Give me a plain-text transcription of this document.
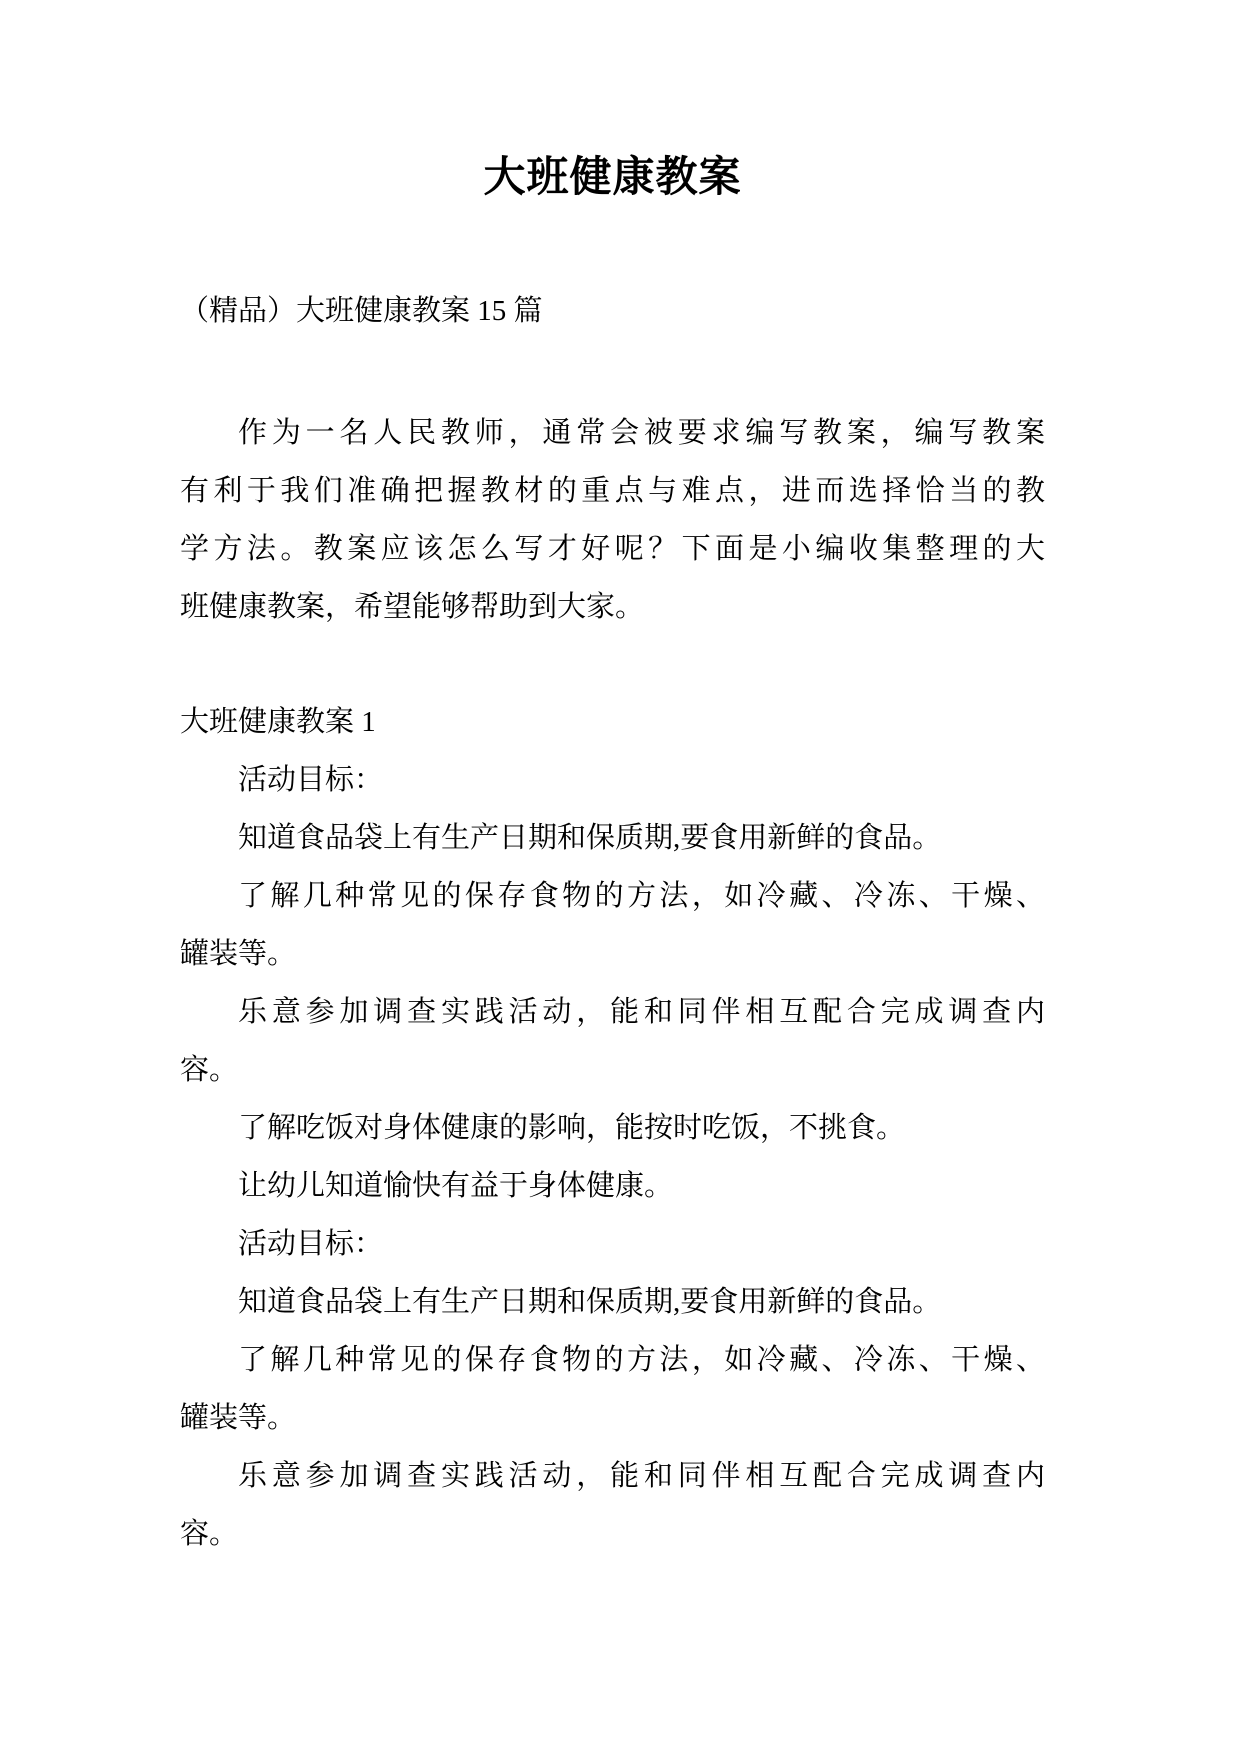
大班健康教案

（精品）大班健康教案 15 篇

作为一名人民教师，通常会被要求编写教案，编写教案
有利于我们准确把握教材的重点与难点，进而选择恰当的教
学方法。教案应该怎么写才好呢？下面是小编收集整理的大
班健康教案，希望能够帮助到大家。
大班健康教案 1
活动目标：
知道食品袋上有生产日期和保质期,要食用新鲜的食品。
了解几种常见的保存食物的方法，如冷藏、冷冻、干燥、
罐装等。
乐意参加调查实践活动，能和同伴相互配合完成调查内
容。
了解吃饭对身体健康的影响，能按时吃饭，不挑食。
让幼儿知道愉快有益于身体健康。
活动目标：
知道食品袋上有生产日期和保质期,要食用新鲜的食品。
了解几种常见的保存食物的方法，如冷藏、冷冻、干燥、
罐装等。
乐意参加调查实践活动，能和同伴相互配合完成调查内
容。
